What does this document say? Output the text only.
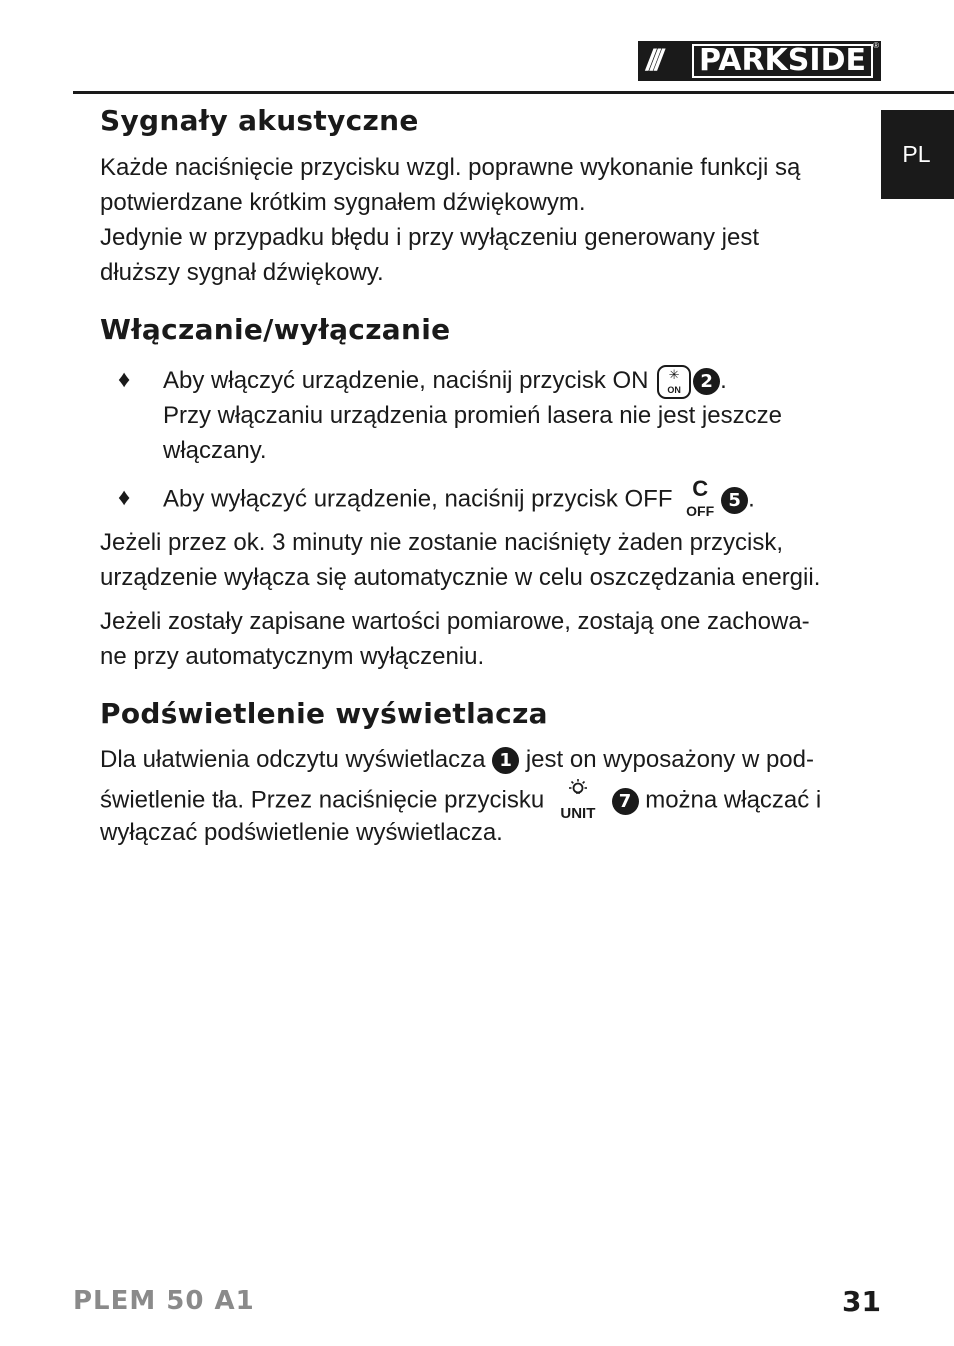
///	PARKSIDE ®
PL
Sygnały akustyczne

Każde naciśnięcie przycisku wzgl. poprawne wykonanie funkcji są
potwierdzane krótkim sygnałem dźwiękowym.
Jedynie w przypadku błędu i przy wyłączeniu generowany jest
dłuższy sygnał dźwiękowy.

Włączanie/wyłączanie
♦ Aby włączyć urządzenie, naciśnij przycisk ON	✳
ON	2 .

Przy włączaniu urządzenia promień lasera nie jest jeszcze

włączany.

♦ Aby wyłączyć urządzenie, naciśnij przycisk OFF C
OFF
5 .

Jeżeli przez ok. 3 minuty nie zostanie naciśnięty żaden przycisk,
urządzenie wyłącza się automatycznie w celu oszczędzania energii.

Jeżeli zostały zapisane wartości pomiarowe, zostają one zachowa-
ne przy automatycznym wyłączeniu.

Podświetlenie wyświetlacza

Dla ułatwienia odczytu wyświetlacza 1 jest on wyposażony w pod-

świetlenie tła. Przez naciśnięcie przycisku
UNIT
7 można włączać i

wyłączać podświetlenie wyświetlacza.

PLEM 50 A1	31
